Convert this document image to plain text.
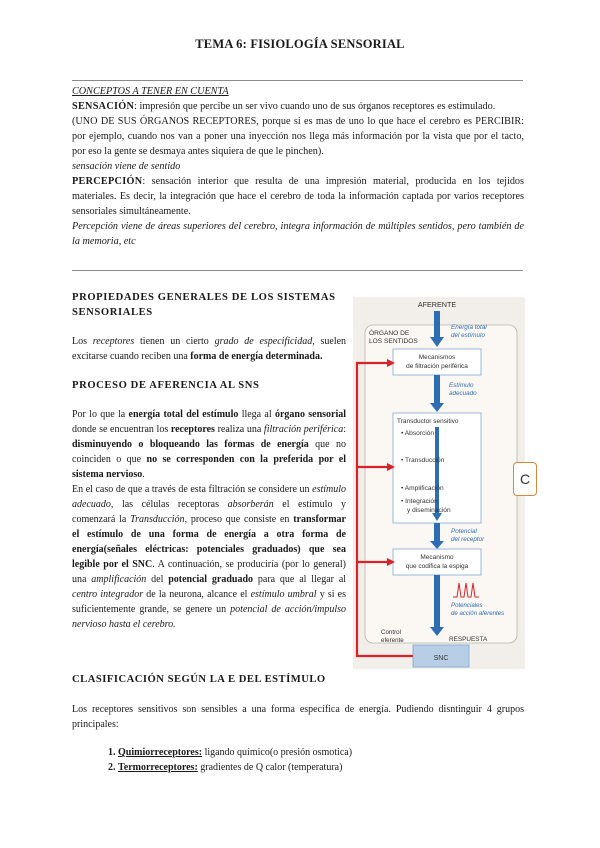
TEMA 6: FISIOLOGÍA SENSORIAL

CONCEPTOS A TENER EN CUENTA

SENSACIÓN: impresión que percibe un ser vivo cuando uno de sus órganos receptores es estimulado.

(UNO DE SUS ÓRGANOS RECEPTORES, porque si es mas de uno lo que hace el cerebro es PERCIBIR: por ejemplo, cuando nos van a poner una inyección nos llega más información por la vista que por el tacto, por eso la gente se desmaya antes siquiera de que le pinchen).

sensación viene de sentido

PERCEPCIÓN: sensación interior que resulta de una impresión material, producida en los tejidos materiales. Es decir, la integración que hace el cerebro de toda la información captada por varios receptores sensoriales simultáneamente.

Percepción viene de áreas superiores del cerebro, integra información de múltiples sentidos, pero también de la memoria, etc

PROPIEDADES GENERALES DE LOS SISTEMAS SENSORIALES

Los receptores tienen un cierto grado de especificidad, suelen excitarse cuando reciben una forma de energía determinada.

PROCESO DE AFERENCIA AL SNS

Por lo que la energía total del estímulo llega al órgano sensorial donde se encuentran los receptores realiza una filtración periférica: disminuyendo o bloqueando las formas de energía que no coinciden o que no se corresponden con la preferida por el sistema nervioso.

En el caso de que a través de esta filtración se considere un estímulo adecuado, las células receptoras absorberán el estímulo y comenzará la Transducción, proceso que consiste en transformar el estímulo de una forma de energía a otra forma de energía(señales eléctricas: potenciales graduados) que sea legible por el SNC. A continuación, se produciría (por lo general) una amplificación del potencial graduado para que al llegar al centro integrador de la neurona, alcance el estímulo umbral y si es suficientemente grande, se genere un potencial de acción/impulso nervioso hasta el cerebro.

AFERENTE
ÓRGANO DE
LOS SENTIDOS
Energía total
del estímulo
Mecanismos
de filtración periférica
Estímulo
adecuado
Transductor sensitivo
• Absorción
• Transducción
• Amplificación
• Integración
y diseminación
Potencial
del receptor
Mecanismo
que codifica la espiga
Potenciales
de acción aferentes
SNC
RESPUESTA
Control
eferente
C
CLASIFICACIÓN SEGÚN LA E DEL ESTÍMULO

Los receptores sensitivos son sensibles a una forma específica de energía. Pudiendo disntinguir 4 grupos principales:

1. Quimiorreceptores: ligando químico(o presión osmotica)
2. Termorreceptores: gradientes de Q calor (temperatura)
